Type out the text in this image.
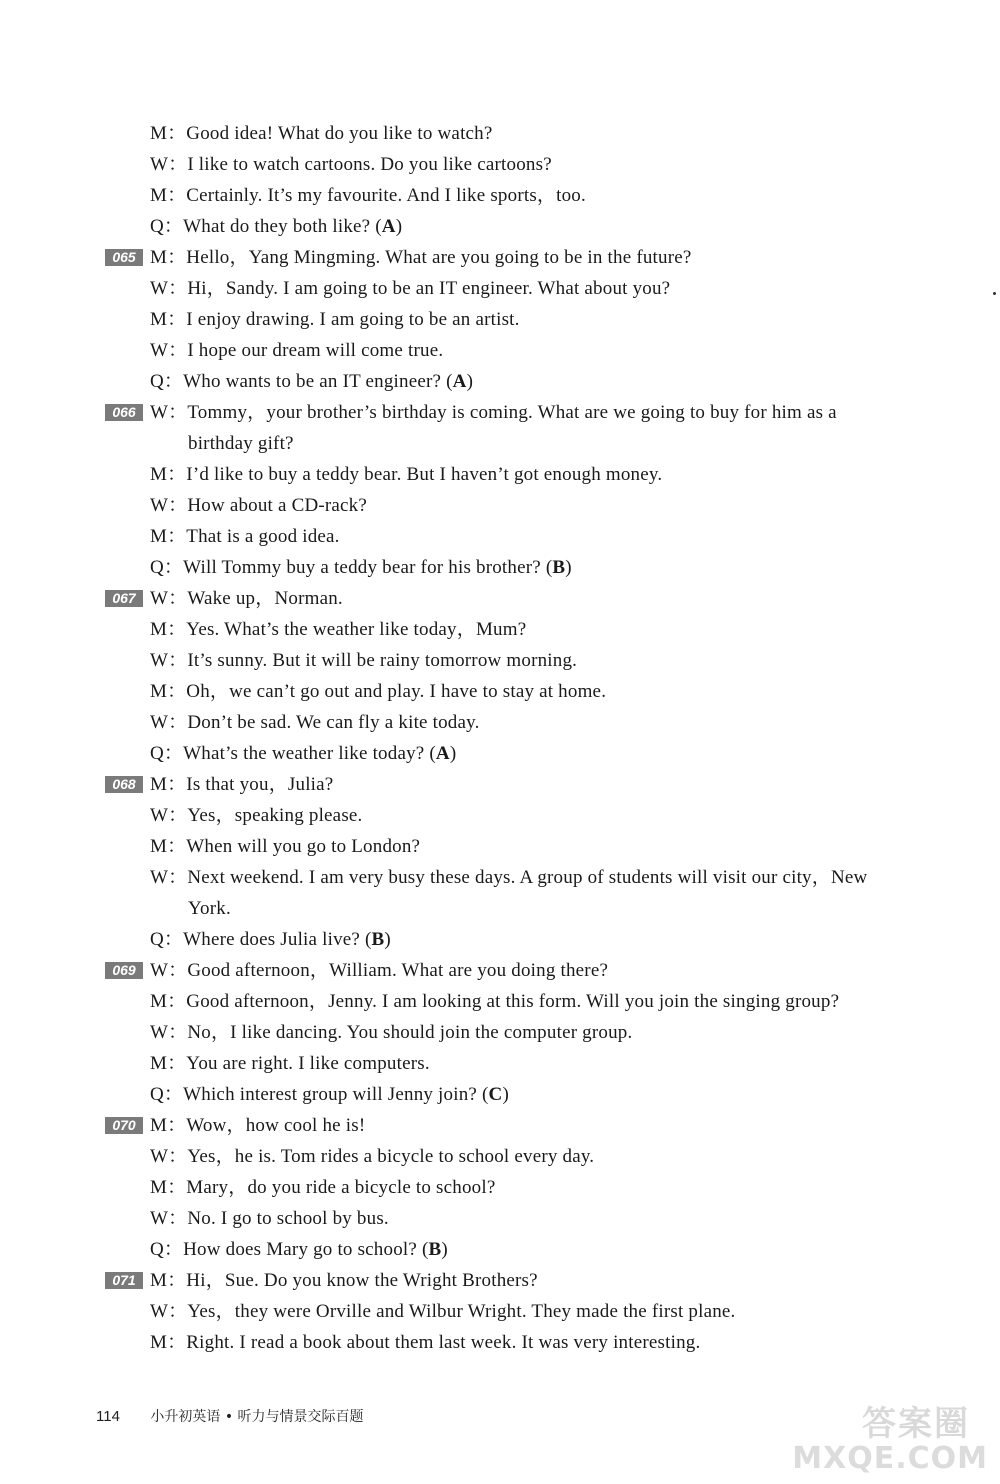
M：Good idea! What do you like to watch?
W：I like to watch cartoons. Do you like cartoons?
M：Certainly. It’s my favourite. And I like sports，too.
Q：What do they both like? (A)
065 M：Hello，Yang Mingming. What are you going to be in the future?
W：Hi，Sandy. I am going to be an IT engineer. What about you?
M：I enjoy drawing. I am going to be an artist.
W：I hope our dream will come true.
Q：Who wants to be an IT engineer? (A)
066 W：Tommy，your brother’s birthday is coming. What are we going to buy for him as a
birthday gift?
M：I’d like to buy a teddy bear. But I haven’t got enough money.
W：How about a CD-rack?
M：That is a good idea.
Q：Will Tommy buy a teddy bear for his brother? (B)
067 W：Wake up，Norman.
M：Yes. What’s the weather like today，Mum?
W：It’s sunny. But it will be rainy tomorrow morning.
M：Oh，we can’t go out and play. I have to stay at home.
W：Don’t be sad. We can fly a kite today.
Q：What’s the weather like today? (A)
068 M：Is that you，Julia?
W：Yes，speaking please.
M：When will you go to London?
W：Next weekend. I am very busy these days. A group of students will visit our city，New
York.
Q：Where does Julia live? (B)
069 W：Good afternoon，William. What are you doing there?
M：Good afternoon，Jenny. I am looking at this form. Will you join the singing group?
W：No，I like dancing. You should join the computer group.
M：You are right. I like computers.
Q：Which interest group will Jenny join? (C)
070 M：Wow，how cool he is!
W：Yes，he is. Tom rides a bicycle to school every day.
M：Mary，do you ride a bicycle to school?
W：No. I go to school by bus.
Q：How does Mary go to school? (B)
071 M：Hi，Sue. Do you know the Wright Brothers?
W：Yes，they were Orville and Wilbur Wright. They made the first plane.
M：Right. I read a book about them last week. It was very interesting.
114 小升初英语 • 听力与情景交际百题	答案圈
MXQE.COM
